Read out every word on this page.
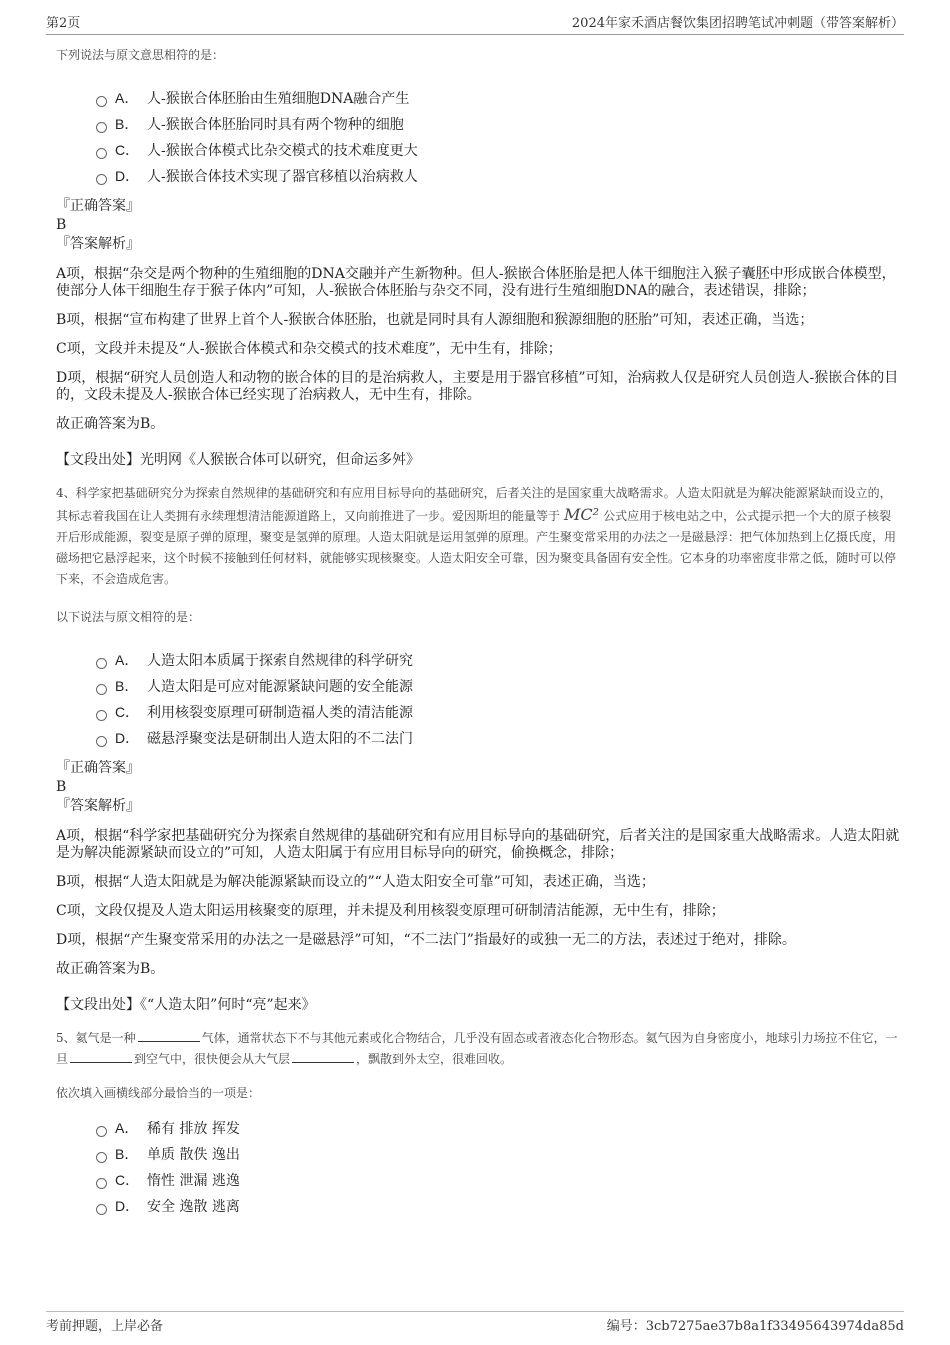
第2页	2024年家禾酒店餐饮集团招聘笔试冲刺题（带答案解析）
下列说法与原文意思相符的是：
A． 人-猴嵌合体胚胎由生殖细胞DNA融合产生
B． 人-猴嵌合体胚胎同时具有两个物种的细胞
C． 人-猴嵌合体模式比杂交模式的技术难度更大
D． 人-猴嵌合体技术实现了器官移植以治病救人
『正确答案』
B
『答案解析』
A项，根据“杂交是两个物种的生殖细胞的DNA交融并产生新物种。但人-猴嵌合体胚胎是把人体干细胞注入猴子囊胚中形成嵌合体模型，使部分人体干细胞生存于猴子体内”可知，人-猴嵌合体胚胎与杂交不同，没有进行生殖细胞DNA的融合，表述错误，排除；
B项，根据“宣布构建了世界上首个人-猴嵌合体胚胎，也就是同时具有人源细胞和猴源细胞的胚胎”可知，表述正确，当选；
C项，文段并未提及“人-猴嵌合体模式和杂交模式的技术难度”，无中生有，排除；
D项，根据“研究人员创造人和动物的嵌合体的目的是治病救人，主要是用于器官移植”可知，治病救人仅是研究人员创造人-猴嵌合体的目的，文段未提及人-猴嵌合体已经实现了治病救人，无中生有，排除。
故正确答案为B。
【文段出处】光明网《人猴嵌合体可以研究，但命运多舛》
4、科学家把基础研究分为探索自然规律的基础研究和有应用目标导向的基础研究，后者关注的是国家重大战略需求。人造太阳就是为解决能源紧缺而设立的，其标志着我国在让人类拥有永续理想清洁能源道路上，又向前推进了一步。爱因斯坦的能量等于 MC² 公式应用于核电站之中，公式提示把一个大的原子核裂开后形成能源，裂变是原子弹的原理，聚变是氢弹的原理。人造太阳就是运用氢弹的原理。产生聚变常采用的办法之一是磁悬浮：把气体加热到上亿摄氏度，用磁场把它悬浮起来，这个时候不接触到任何材料，就能够实现核聚变。人造太阳安全可靠，因为聚变具备固有安全性。它本身的功率密度非常之低，随时可以停下来，不会造成危害。
以下说法与原文相符的是：
A． 人造太阳本质属于探索自然规律的科学研究
B． 人造太阳是可应对能源紧缺问题的安全能源
C． 利用核裂变原理可研制造福人类的清洁能源
D． 磁悬浮聚变法是研制出人造太阳的不二法门
『正确答案』
B
『答案解析』
A项，根据“科学家把基础研究分为探索自然规律的基础研究和有应用目标导向的基础研究，后者关注的是国家重大战略需求。人造太阳就是为解决能源紧缺而设立的”可知，人造太阳属于有应用目标导向的研究，偷换概念，排除；
B项，根据“人造太阳就是为解决能源紧缺而设立的”“人造太阳安全可靠”可知，表述正确，当选；
C项，文段仅提及人造太阳运用核聚变的原理，并未提及利用核裂变原理可研制清洁能源，无中生有，排除；
D项，根据“产生聚变常采用的办法之一是磁悬浮”可知，“不二法门”指最好的或独一无二的方法，表述过于绝对，排除。
故正确答案为B。
【文段出处】《“人造太阳”何时“亮”起来》
5、氦气是一种	气体，通常状态下不与其他元素或化合物结合，几乎没有固态或者液态化合物形态。氦气因为自身密度小，地球引力场拉不住它，一旦	到空气中，很快便会从大气层	，飘散到外太空，很难回收。
依次填入画横线部分最恰当的一项是：
A． 稀有 排放 挥发
B． 单质 散佚 逸出
C． 惰性 泄漏 逃逸
D． 安全 逸散 逃离
考前押题，上岸必备	编号：3cb7275ae37b8a1f33495643974da85d
